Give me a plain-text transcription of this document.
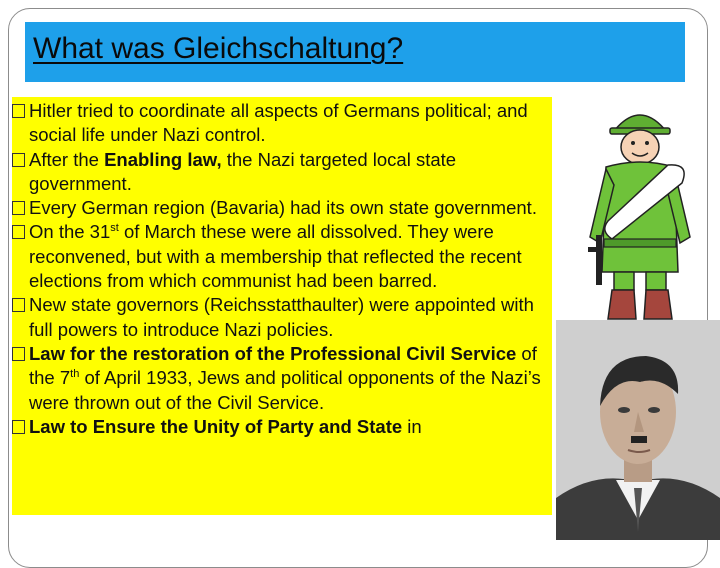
What was Gleichschaltung?
Hitler tried to coordinate all aspects of Germans political; and social life under Nazi control.
After the Enabling law, the Nazi targeted local state government.
Every German region (Bavaria) had its own state government.
On the 31st of March these were all dissolved. They were reconvened, but with a membership that reflected the recent elections from which communist had been barred.
New state governors (Reichsstatthaulter) were appointed with full powers to introduce Nazi policies.
Law for the restoration of the Professional Civil Service of the 7th of April 1933, Jews and political opponents of the Nazi’s were thrown out of the Civil Service.
Law to Ensure the Unity of Party and State in
